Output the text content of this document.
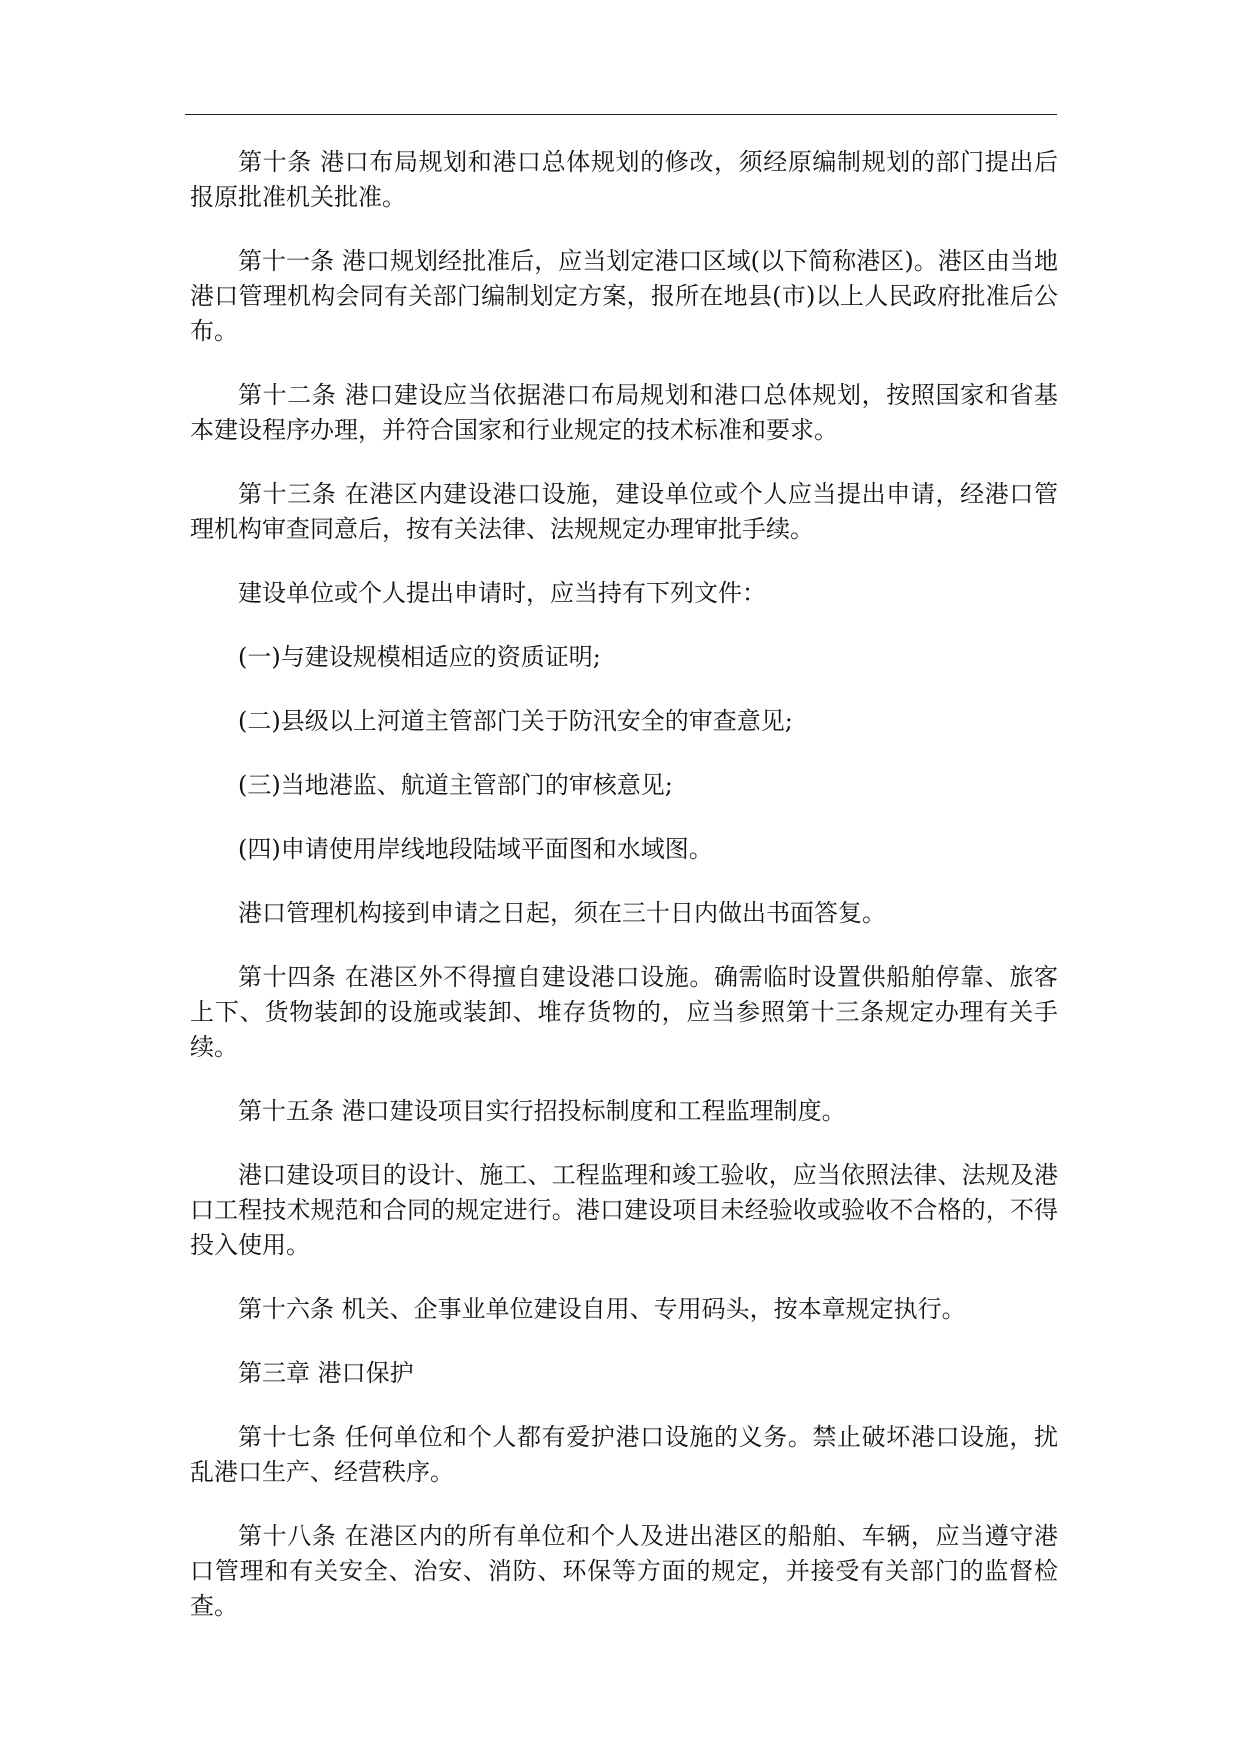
第十条 港口布局规划和港口总体规划的修改，须经原编制规划的部门提出后报原批准机关批准。

第十一条 港口规划经批准后，应当划定港口区域(以下简称港区)。港区由当地港口管理机构会同有关部门编制划定方案，报所在地县(市)以上人民政府批准后公布。

第十二条 港口建设应当依据港口布局规划和港口总体规划，按照国家和省基本建设程序办理，并符合国家和行业规定的技术标准和要求。

第十三条 在港区内建设港口设施，建设单位或个人应当提出申请，经港口管理机构审查同意后，按有关法律、法规规定办理审批手续。

建设单位或个人提出申请时，应当持有下列文件：

(一)与建设规模相适应的资质证明;

(二)县级以上河道主管部门关于防汛安全的审查意见;

(三)当地港监、航道主管部门的审核意见;

(四)申请使用岸线地段陆域平面图和水域图。

港口管理机构接到申请之日起，须在三十日内做出书面答复。

第十四条 在港区外不得擅自建设港口设施。确需临时设置供船舶停靠、旅客上下、货物装卸的设施或装卸、堆存货物的，应当参照第十三条规定办理有关手续。

第十五条 港口建设项目实行招投标制度和工程监理制度。

港口建设项目的设计、施工、工程监理和竣工验收，应当依照法律、法规及港口工程技术规范和合同的规定进行。港口建设项目未经验收或验收不合格的，不得投入使用。

第十六条 机关、企事业单位建设自用、专用码头，按本章规定执行。

第三章 港口保护

第十七条 任何单位和个人都有爱护港口设施的义务。禁止破坏港口设施，扰乱港口生产、经营秩序。

第十八条 在港区内的所有单位和个人及进出港区的船舶、车辆，应当遵守港口管理和有关安全、治安、消防、环保等方面的规定，并接受有关部门的监督检查。
